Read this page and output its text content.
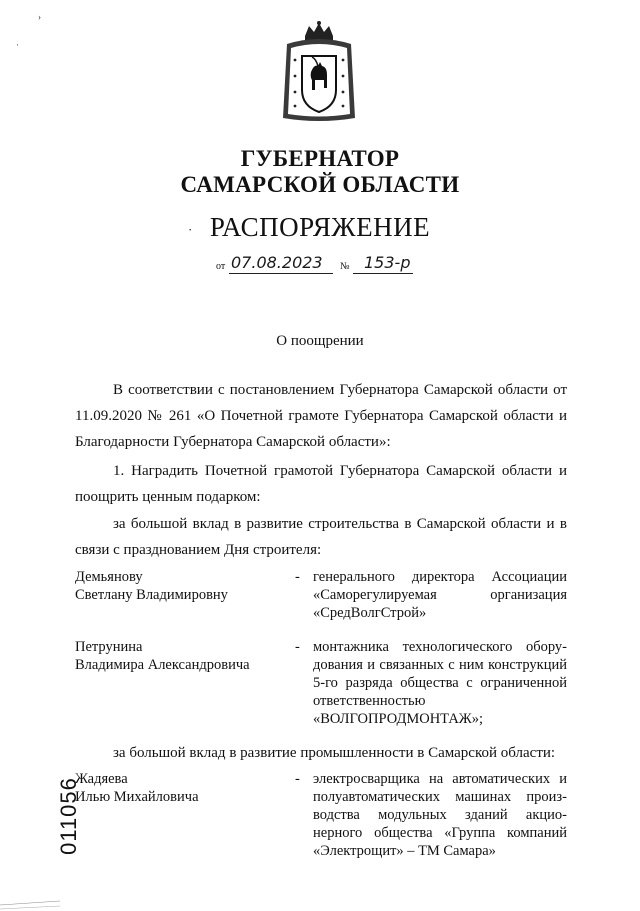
›
·
ГУБЕРНАТОР
САМАРСКОЙ ОБЛАСТИ
· РАСПОРЯЖЕНИЕ
от 07.08.2023 № 153-р
О поощрении
В соответствии с постановлением Губернатора Самарской области от 11.09.2020 № 261 «О Почетной грамоте Губернатора Самарской области и Благодарности Губернатора Самарской области»:
1. Наградить Почетной грамотой Губернатора Самарской области и поощрить ценным подарком:
за большой вклад в развитие строительства в Самарской области и в связи с празднованием Дня строителя:
Демьянову
Светлану Владимировну
- генерального директора Ассоциации «Саморегулируемая организация «СредВолгСтрой»
Петрунина
Владимира Александровича
- монтажника технологического обору-дования и связанных с ним конструкций 5-го разряда общества с ограниченной ответственностью «ВОЛГОПРОДМОНТАЖ»;
за большой вклад в развитие промышленности в Самарской области:
Жадяева
Илью Михайловича
- электросварщика на автоматических и полуавтоматических машинах произ-водства модульных зданий акцио-нерного общества «Группа компаний «Электрощит» – ТМ Самара»
011056
